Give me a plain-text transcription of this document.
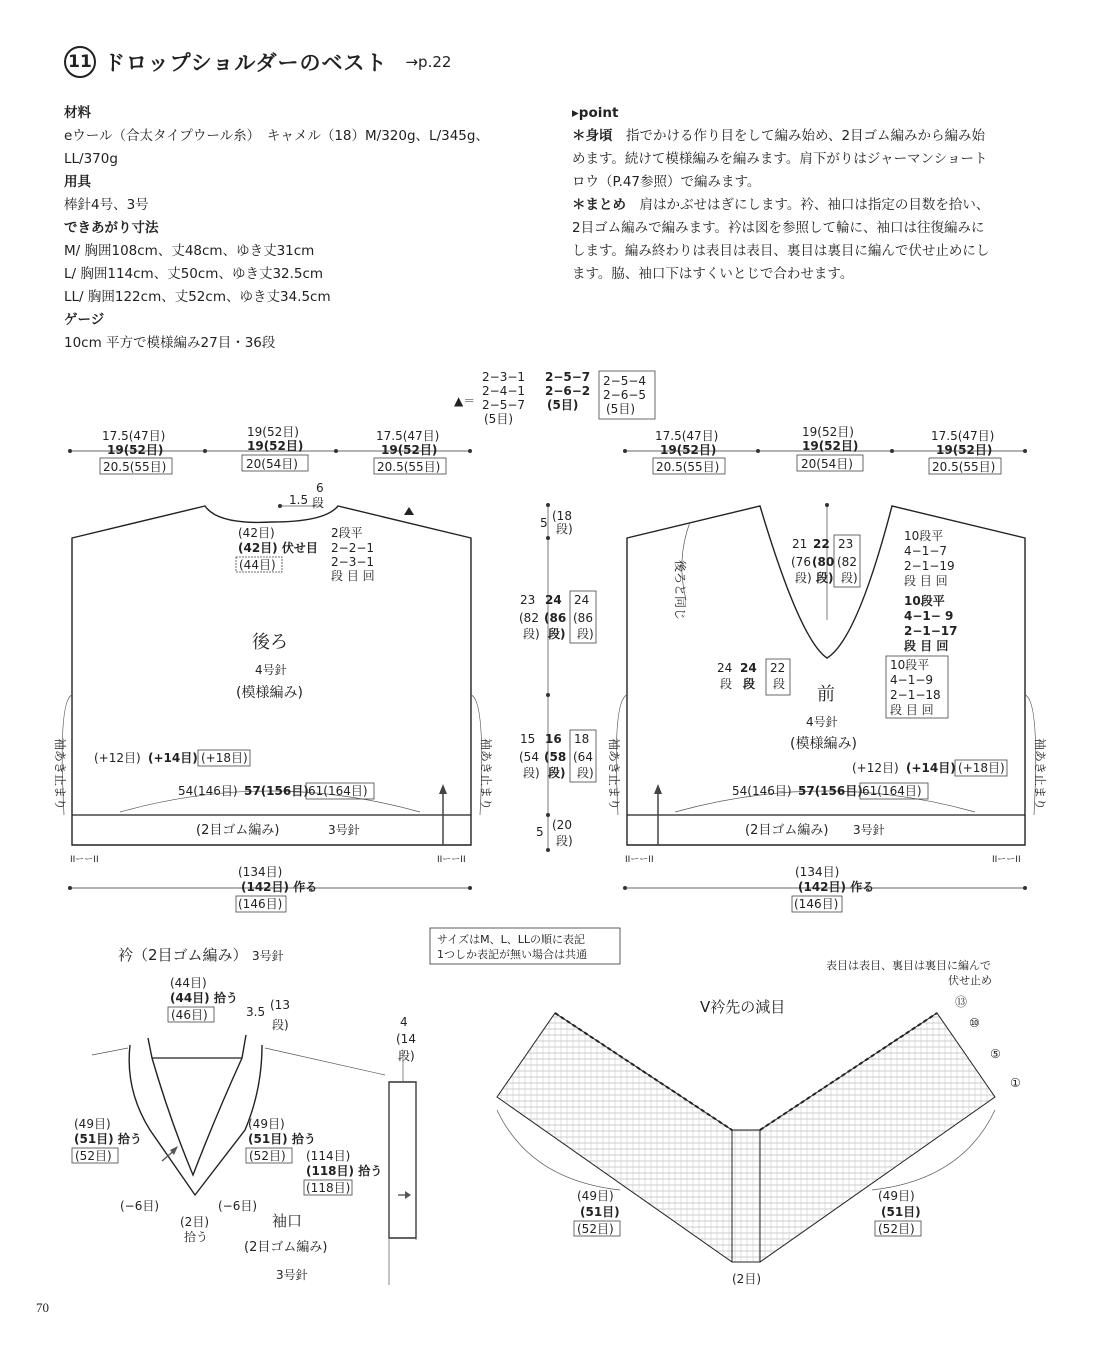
11 ドロップショルダーのベスト →p.22
材料
eウール（合太タイプウール糸）　キャメル（18）M/320g、L/345g、
LL/370g
用具
棒針4号、3号
できあがり寸法
M/ 胸囲108cm、丈48cm、ゆき丈31cm
L/ 胸囲114cm、丈50cm、ゆき丈32.5cm
LL/ 胸囲122cm、丈52cm、ゆき丈34.5cm
ゲージ
10cm 平方で模様編み27目・36段
▸point
＊身頃　指でかける作り目をして編み始め、2目ゴム編みから編み始
めます。続けて模様編みを編みます。肩下がりはジャーマンショート
ロウ（P.47参照）で編みます。
＊まとめ　肩はかぶせはぎにします。衿、袖口は指定の目数を拾い、
2目ゴム編みで編みます。衿は図を参照して輪に、袖口は往復編みに
します。編み終わりは表目は表目、裏目は裏目に編んで伏せ止めにし
ます。脇、袖口下はすくいとじで合わせます。
▲＝
2−3−1
2−4−1
2−5−7
(5目)
2−5−7
2−6−2
(5目)
2−5−4
2−6−5
(5目)
17.5(47目)
19(52目)
20.5(55目)
19(52目)
19(52目)
20(54目)
17.5(47目)
19(52目)
20.5(55目)
1.5
6
段
(42目)
(42目) 伏せ目
(44目)
2段平
2−2−1
2−3−1
段 目 回
後ろ
4号針
(模様編み)
(+12目) (+14目) (+18目)
54(146目) 57(156目) 61(164目)
(2目ゴム編み)	3号針
IIーーII	IIーーII
(134目)
(142目) 作る
(146目)
袖あき止まり	袖あき止まり
5 (18
段)
23
(82
段)
24
(86
段)
24
(86
段)
15
(54
段)
16
(58
段)
18
(64
段)
5 (20
段)
17.5(47目)
19(52目)
20.5(55目)
19(52目)
19(52目)
20(54目)
17.5(47目)
19(52目)
20.5(55目)
後ろと同じ
21
(76
段)
22
(80
段)
23
(82
段)
10段平
4−1−7
2−1−19
段 目 回
10段平
4−1− 9
2−1−17
段 目 回
10段平
4−1−9
2−1−18
段 目 回
24
段
24
段
22
段 前
4号針
(模様編み)
(+12目) (+14目) (+18目)
54(146目) 57(156目) 61(164目)
(2目ゴム編み) 3号針
IIーーII	IIーーII
(134目)
(142目) 作る
(146目)
袖あき止まり	袖あき止まり
サイズはM、L、LLの順に表記
1つしか表記が無い場合は共通
衿（2目ゴム編み） 3号針
(44目)
(44目) 拾う
(46目)	3.5 (13
段)
(49目)
(51目) 拾う
(52目)
(49目)
(51目) 拾う
(52目)
(−6目)	(−6目)
(2目)
拾う
4
(14
段)
(114目)
(118目) 拾う
(118目)
袖口
(2目ゴム編み)
3号針
V衿先の減目
表目は表目、裏目は裏目に編んで
伏せ止め
⑬
⑩
⑤
①
(49目)
(51目)
(52目)
(49目)
(51目)
(52目)
(2目)
70
